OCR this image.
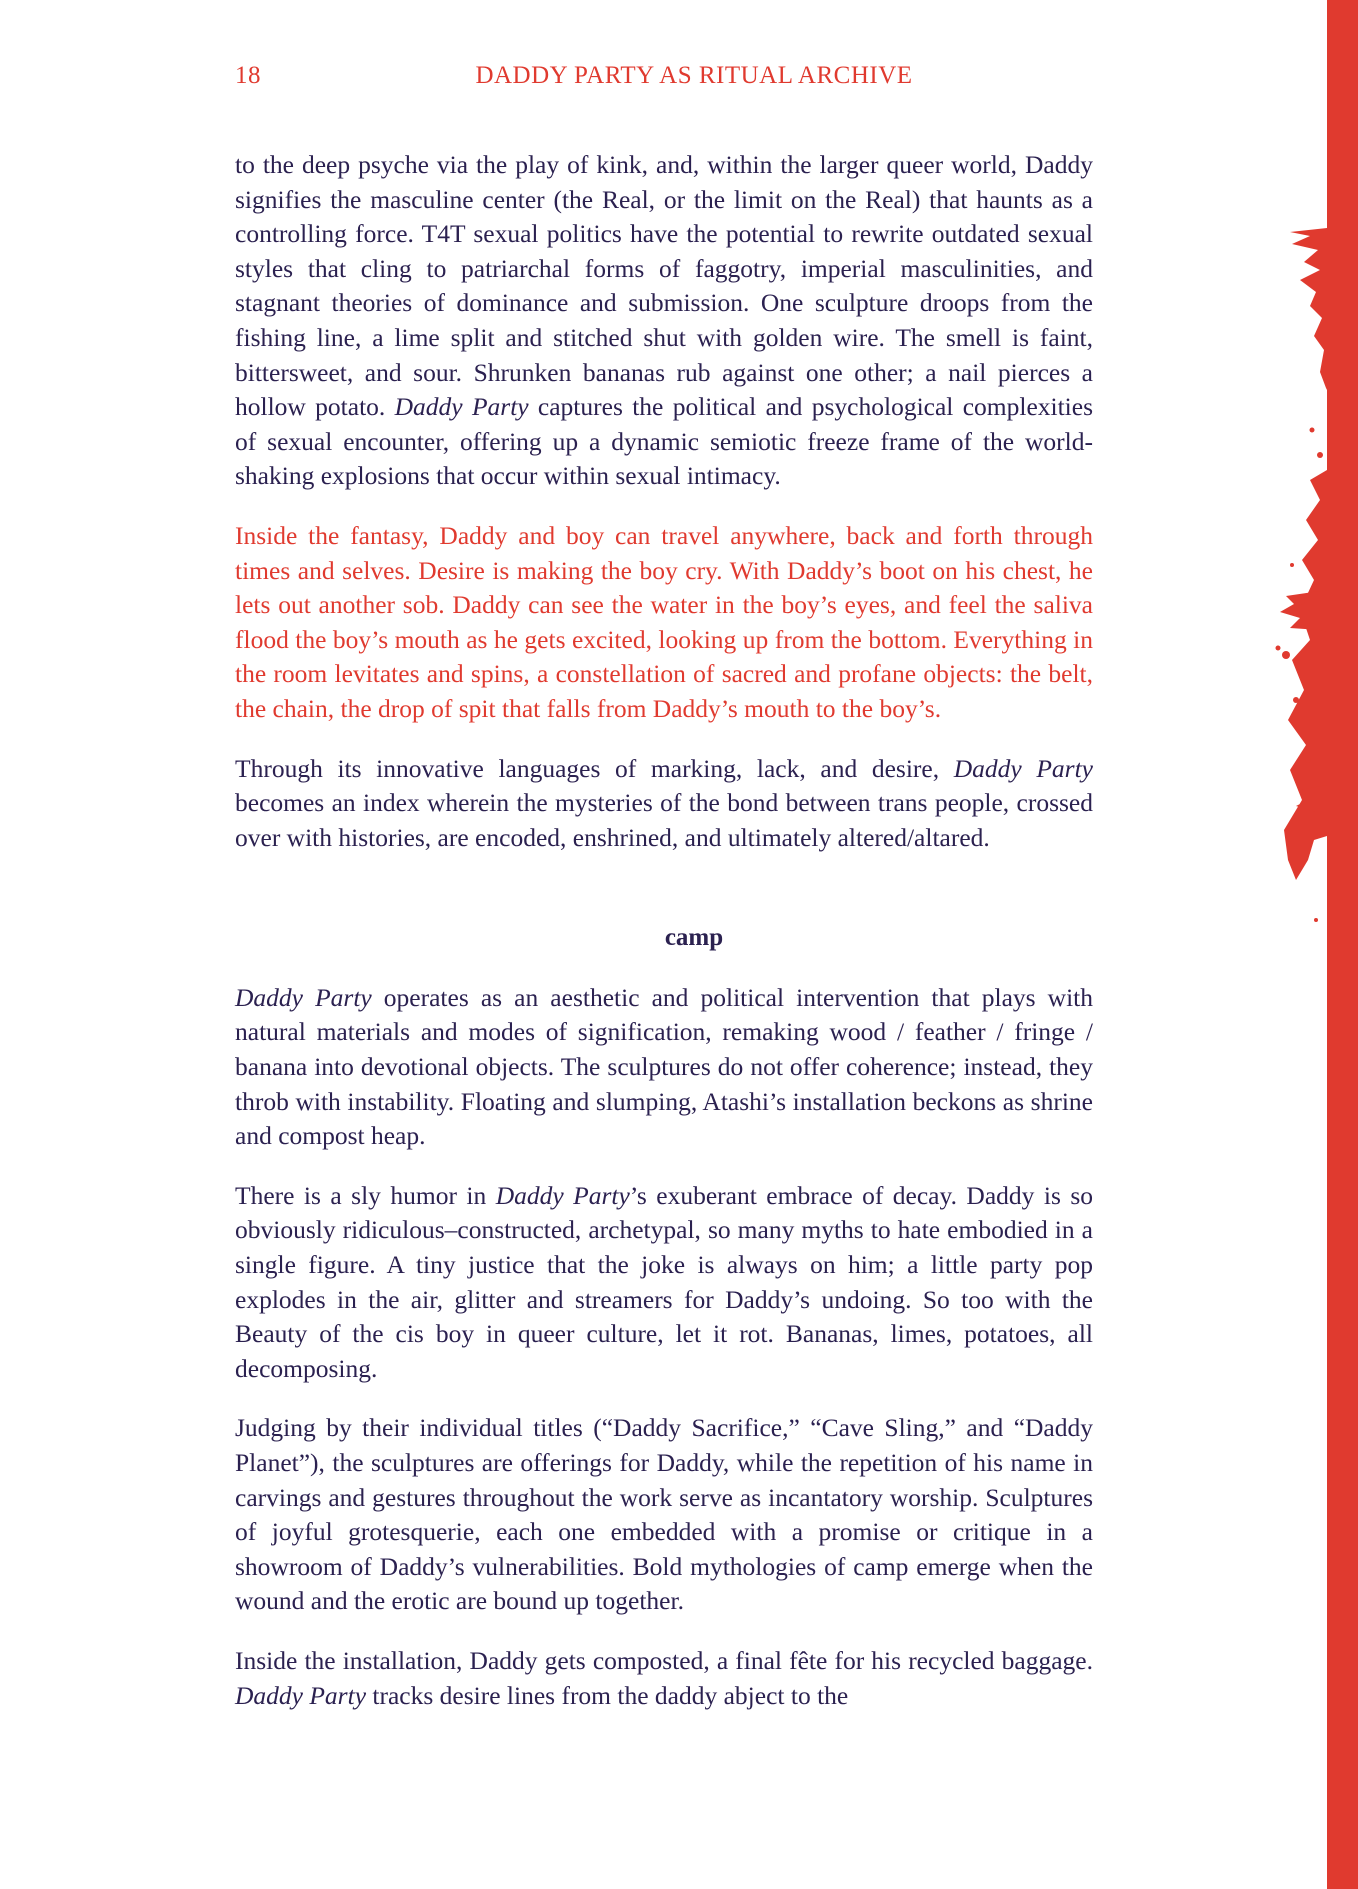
18	DADDY PARTY AS RITUAL ARCHIVE

to the deep psyche via the play of kink, and, within the larger queer world, Daddy signifies the masculine center (the Real, or the limit on the Real) that haunts as a controlling force. T4T sexual politics have the potential to rewrite outdated sexual styles that cling to patriarchal forms of faggotry, imperial masculinities, and stagnant theories of dominance and submission. One sculpture droops from the fishing line, a lime split and stitched shut with golden wire. The smell is faint, bittersweet, and sour. Shrunken bananas rub against one other; a nail pierces a hollow potato. Daddy Party captures the political and psychological complexities of sexual encounter, offering up a dynamic semiotic freeze frame of the world-shaking explosions that occur within sexual intimacy.

Inside the fantasy, Daddy and boy can travel anywhere, back and forth through times and selves. Desire is making the boy cry. With Daddy’s boot on his chest, he lets out another sob. Daddy can see the water in the boy’s eyes, and feel the saliva flood the boy’s mouth as he gets excited, looking up from the bottom. Everything in the room levitates and spins, a constellation of sacred and profane objects: the belt, the chain, the drop of spit that falls from Daddy’s mouth to the boy’s.

Through its innovative languages of marking, lack, and desire, Daddy Party becomes an index wherein the mysteries of the bond between trans people, crossed over with histories, are encoded, enshrined, and ultimately altered/altared.

camp

Daddy Party operates as an aesthetic and political intervention that plays with natural materials and modes of signification, remaking wood / feather / fringe / banana into devotional objects. The sculptures do not offer coherence; instead, they throb with instability. Floating and slumping, Atashi’s installation beckons as shrine and compost heap.

There is a sly humor in Daddy Party’s exuberant embrace of decay. Daddy is so obviously ridiculous–constructed, archetypal, so many myths to hate embodied in a single figure. A tiny justice that the joke is always on him; a little party pop explodes in the air, glitter and streamers for Daddy’s undoing. So too with the Beauty of the cis boy in queer culture, let it rot. Bananas, limes, potatoes, all decomposing.

Judging by their individual titles (“Daddy Sacrifice,” “Cave Sling,” and “Daddy Planet”), the sculptures are offerings for Daddy, while the repetition of his name in carvings and gestures throughout the work serve as incantatory worship. Sculptures of joyful grotesquerie, each one embedded with a promise or critique in a showroom of Daddy’s vulnerabilities. Bold mythologies of camp emerge when the wound and the erotic are bound up together.

Inside the installation, Daddy gets composted, a final fête for his recycled baggage. Daddy Party tracks desire lines from the daddy abject to the
